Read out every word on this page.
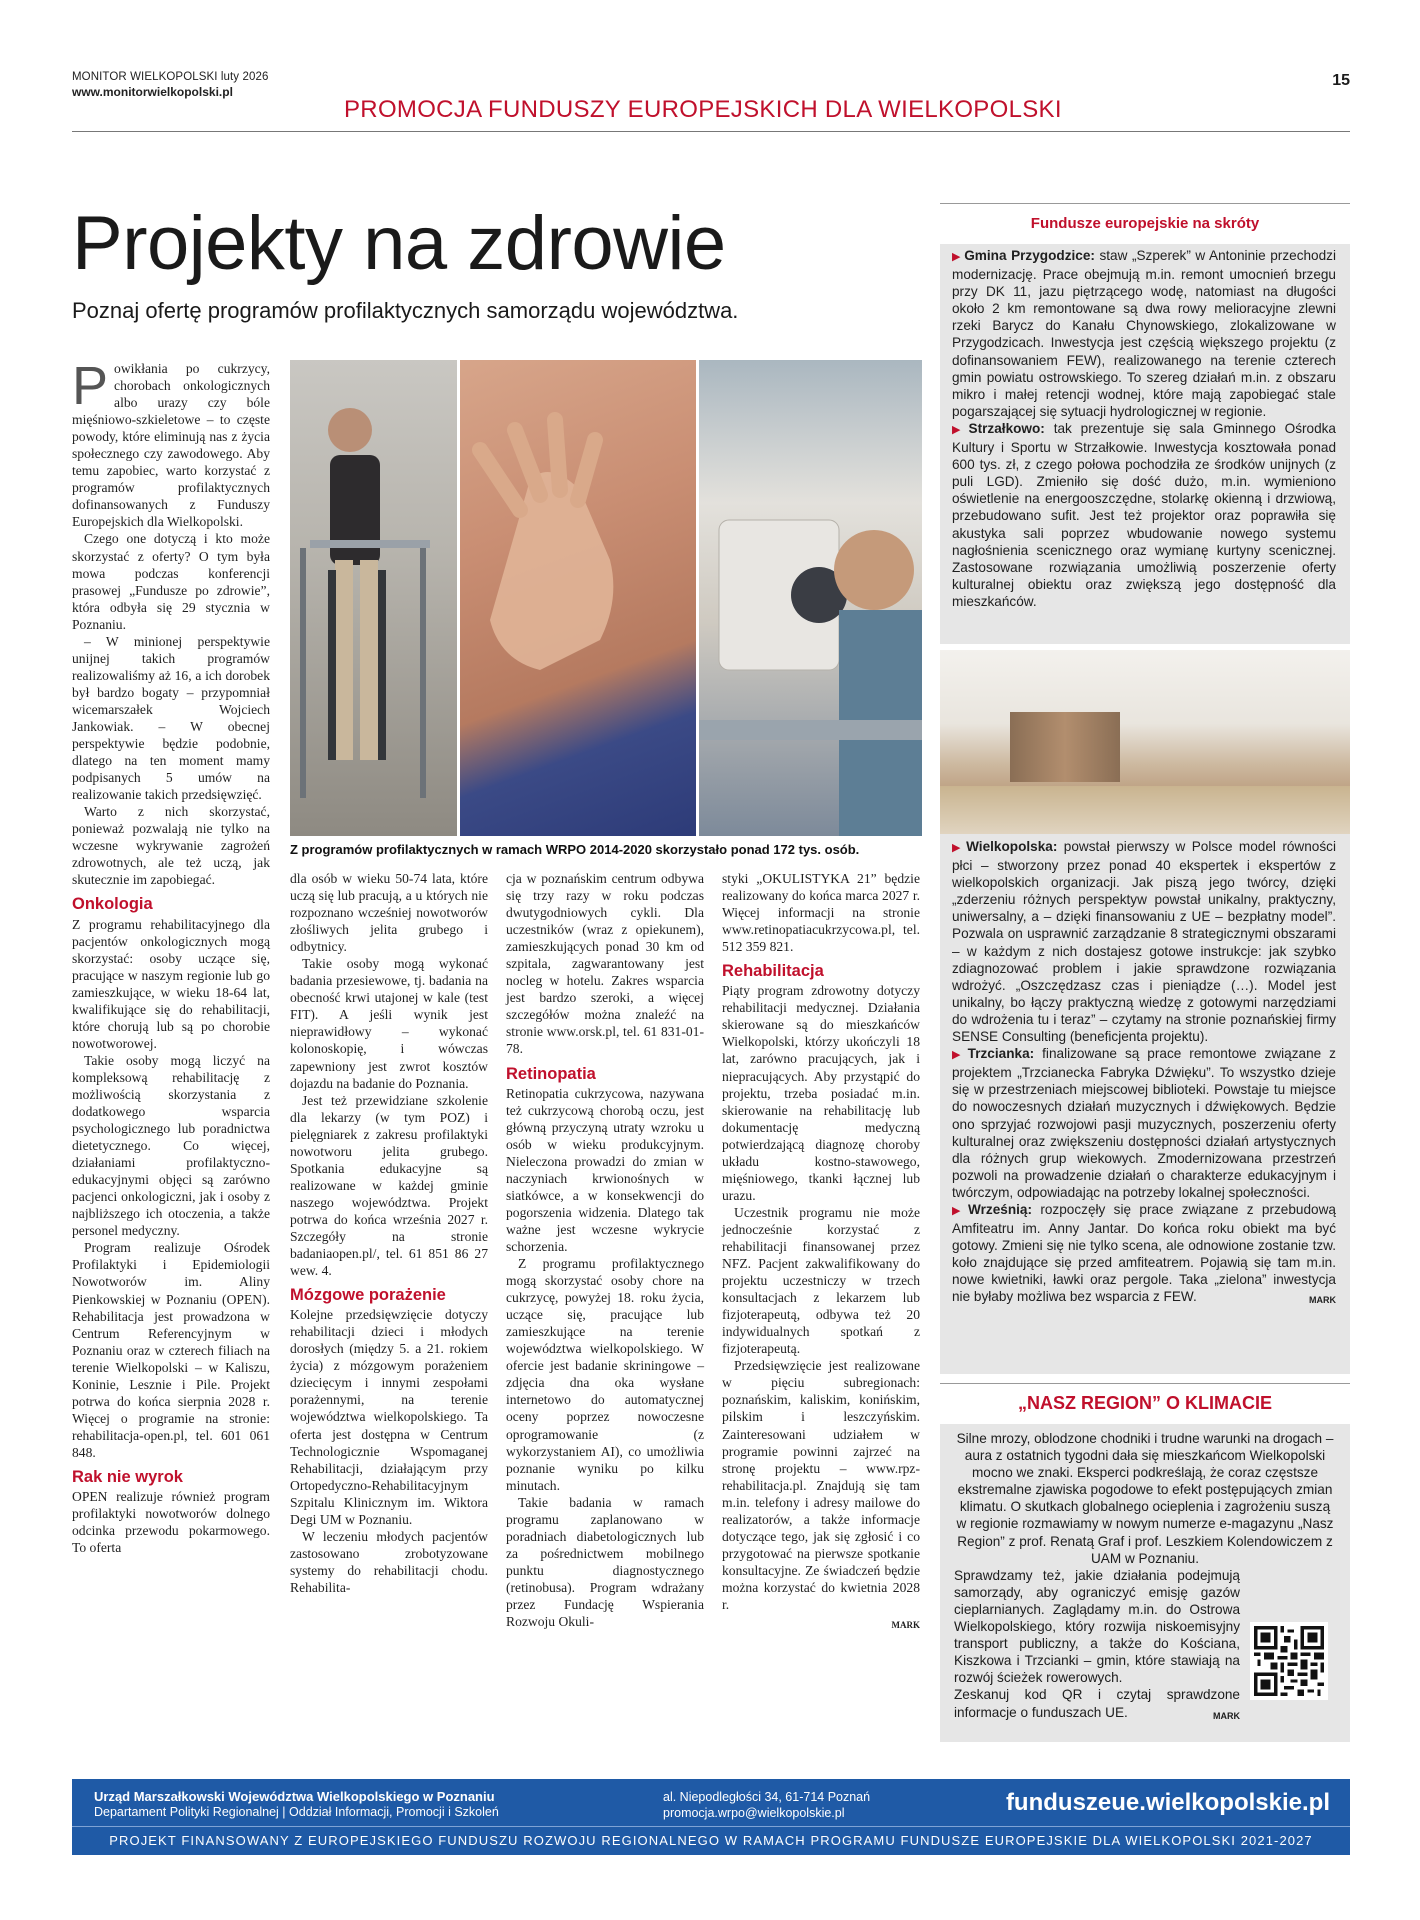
MONITOR WIELKOPOLSKI luty 2026
www.monitorwielkopolski.pl
15
PROMOCJA FUNDUSZY EUROPEJSKICH DLA WIELKOPOLSKI
Projekty na zdrowie
Poznaj ofertę programów profilaktycznych samorządu województwa.

Powikłania po cukrzycy, chorobach onkologicznych albo urazy czy bóle mięśniowo-szkieletowe – to częste powody, które eliminują nas z życia społecznego czy zawodowego. Aby temu zapobiec, warto korzystać z programów profilaktycznych dofinansowanych z Funduszy Europejskich dla Wielkopolski.

Czego one dotyczą i kto może skorzystać z oferty? O tym była mowa podczas konferencji prasowej „Fundusze po zdrowie”, która odbyła się 29 stycznia w Poznaniu.

– W minionej perspektywie unijnej takich programów realizowaliśmy aż 16, a ich dorobek był bardzo bogaty – przypomniał wicemarszałek Wojciech Jankowiak. – W obecnej perspektywie będzie podobnie, dlatego na ten moment mamy podpisanych 5 umów na realizowanie takich przedsięwzięć.

Warto z nich skorzystać, ponieważ pozwalają nie tylko na wczesne wykrywanie zagrożeń zdrowotnych, ale też uczą, jak skutecznie im zapobiegać.

Onkologia

Z programu rehabilitacyjnego dla pacjentów onkologicznych mogą skorzystać: osoby uczące się, pracujące w naszym regionie lub go zamieszkujące, w wieku 18-64 lat, kwalifikujące się do rehabilitacji, które chorują lub są po chorobie nowotworowej.

Takie osoby mogą liczyć na kompleksową rehabilitację z możliwością skorzystania z dodatkowego wsparcia psychologicznego lub poradnictwa dietetycznego. Co więcej, działaniami profilaktyczno-edukacyjnymi objęci są zarówno pacjenci onkologiczni, jak i osoby z najbliższego ich otoczenia, a także personel medyczny.

Program realizuje Ośrodek Profilaktyki i Epidemiologii Nowotworów im. Aliny Pienkowskiej w Poznaniu (OPEN). Rehabilitacja jest prowadzona w Centrum Referencyjnym w Poznaniu oraz w czterech filiach na terenie Wielkopolski – w Kaliszu, Koninie, Lesznie i Pile. Projekt potrwa do końca sierpnia 2028 r. Więcej o programie na stronie: rehabilitacja-open.pl, tel. 601 061 848.

Rak nie wyrok

OPEN realizuje również program profilaktyki nowotworów dolnego odcinka przewodu pokarmowego. To oferta

Z programów profilaktycznych w ramach WRPO 2014-2020 skorzystało ponad 172 tys. osób.

dla osób w wieku 50-74 lata, które uczą się lub pracują, a u których nie rozpoznano wcześniej nowotworów złośliwych jelita grubego i odbytnicy.

Takie osoby mogą wykonać badania przesiewowe, tj. badania na obecność krwi utajonej w kale (test FIT). A jeśli wynik jest nieprawidłowy – wykonać kolonoskopię, i wówczas zapewniony jest zwrot kosztów dojazdu na badanie do Poznania.

Jest też przewidziane szkolenie dla lekarzy (w tym POZ) i pielęgniarek z zakresu profilaktyki nowotworu jelita grubego. Spotkania edukacyjne są realizowane w każdej gminie naszego województwa. Projekt potrwa do końca września 2027 r. Szczegóły na stronie badaniaopen.pl/, tel. 61 851 86 27 wew. 4.

Mózgowe porażenie

Kolejne przedsięwzięcie dotyczy rehabilitacji dzieci i młodych dorosłych (między 5. a 21. rokiem życia) z mózgowym porażeniem dziecięcym i innymi zespołami porażennymi, na terenie województwa wielkopolskiego. Ta oferta jest dostępna w Centrum Technologicznie Wspomaganej Rehabilitacji, działającym przy Ortopedyczno-Rehabilitacyjnym Szpitalu Klinicznym im. Wiktora Degi UM w Poznaniu.

W leczeniu młodych pacjentów zastosowano zrobotyzowane systemy do rehabilitacji chodu. Rehabilita-

cja w poznańskim centrum odbywa się trzy razy w roku podczas dwutygodniowych cykli. Dla uczestników (wraz z opiekunem), zamieszkujących ponad 30 km od szpitala, zagwarantowany jest nocleg w hotelu. Zakres wsparcia jest bardzo szeroki, a więcej szczegółów można znaleźć na stronie www.orsk.pl, tel. 61 831-01-78.

Retinopatia

Retinopatia cukrzycowa, nazywana też cukrzycową chorobą oczu, jest główną przyczyną utraty wzroku u osób w wieku produkcyjnym. Nieleczona prowadzi do zmian w naczyniach krwionośnych w siatkówce, a w konsekwencji do pogorszenia widzenia. Dlatego tak ważne jest wczesne wykrycie schorzenia.

Z programu profilaktycznego mogą skorzystać osoby chore na cukrzycę, powyżej 18. roku życia, uczące się, pracujące lub zamieszkujące na terenie województwa wielkopolskiego. W ofercie jest badanie skriningowe – zdjęcia dna oka wysłane internetowo do automatycznej oceny poprzez nowoczesne oprogramowanie (z wykorzystaniem AI), co umożliwia poznanie wyniku po kilku minutach.

Takie badania w ramach programu zaplanowano w poradniach diabetologicznych lub za pośrednictwem mobilnego punktu diagnostycznego (retinobusa). Program wdrażany przez Fundację Wspierania Rozwoju Okuli-

styki „OKULISTYKA 21” będzie realizowany do końca marca 2027 r. Więcej informacji na stronie www.retinopatiacukrzycowa.pl, tel. 512 359 821.

Rehabilitacja

Piąty program zdrowotny dotyczy rehabilitacji medycznej. Działania skierowane są do mieszkańców Wielkopolski, którzy ukończyli 18 lat, zarówno pracujących, jak i niepracujących. Aby przystąpić do projektu, trzeba posiadać m.in. skierowanie na rehabilitację lub dokumentację medyczną potwierdzającą diagnozę choroby układu kostno-stawowego, mięśniowego, tkanki łącznej lub urazu.

Uczestnik programu nie może jednocześnie korzystać z rehabilitacji finansowanej przez NFZ. Pacjent zakwalifikowany do projektu uczestniczy w trzech konsultacjach z lekarzem lub fizjoterapeutą, odbywa też 20 indywidualnych spotkań z fizjoterapeutą.

Przedsięwzięcie jest realizowane w pięciu subregionach: poznańskim, kaliskim, konińskim, pilskim i leszczyńskim. Zainteresowani udziałem w programie powinni zajrzeć na stronę projektu – www.rpz-rehabilitacja.pl. Znajdują się tam m.in. telefony i adresy mailowe do realizatorów, a także informacje dotyczące tego, jak się zgłosić i co przygotować na pierwsze spotkanie konsultacyjne. Ze świadczeń będzie można korzystać do kwietnia 2028 r.

MARK

Fundusze europejskie na skróty

▶ Gmina Przygodzice: staw „Szperek” w Antoninie przechodzi modernizację. Prace obejmują m.in. remont umocnień brzegu przy DK 11, jazu piętrzącego wodę, natomiast na długości około 2 km remontowane są dwa rowy melioracyjne zlewni rzeki Barycz do Kanału Chynowskiego, zlokalizowane w Przygodzicach. Inwestycja jest częścią większego projektu (z dofinansowaniem FEW), realizowanego na terenie czterech gmin powiatu ostrowskiego. To szereg działań m.in. z obszaru mikro i małej retencji wodnej, które mają zapobiegać stale pogarszającej się sytuacji hydrologicznej w regionie.

▶ Strzałkowo: tak prezentuje się sala Gminnego Ośrodka Kultury i Sportu w Strzałkowie. Inwestycja kosztowała ponad 600 tys. zł, z czego połowa pochodziła ze środków unijnych (z puli LGD). Zmieniło się dość dużo, m.in. wymieniono oświetlenie na energooszczędne, stolarkę okienną i drzwiową, przebudowano sufit. Jest też projektor oraz poprawiła się akustyka sali poprzez wbudowanie nowego systemu nagłośnienia scenicznego oraz wymianę kurtyny scenicznej. Zastosowane rozwiązania umożliwią poszerzenie oferty kulturalnej obiektu oraz zwiększą jego dostępność dla mieszkańców.

▶ Wielkopolska: powstał pierwszy w Polsce model równości płci – stworzony przez ponad 40 ekspertek i ekspertów z wielkopolskich organizacji. Jak piszą jego twórcy, dzięki „zderzeniu różnych perspektyw powstał unikalny, praktyczny, uniwersalny, a – dzięki finansowaniu z UE – bezpłatny model”. Pozwala on usprawnić zarządzanie 8 strategicznymi obszarami – w każdym z nich dostajesz gotowe instrukcje: jak szybko zdiagnozować problem i jakie sprawdzone rozwiązania wdrożyć. „Oszczędzasz czas i pieniądze (…). Model jest unikalny, bo łączy praktyczną wiedzę z gotowymi narzędziami do wdrożenia tu i teraz” – czytamy na stronie poznańskiej firmy SENSE Consulting (beneficjenta projektu).

▶ Trzcianka: finalizowane są prace remontowe związane z projektem „Trzcianecka Fabryka Dźwięku”. To wszystko dzieje się w przestrzeniach miejscowej biblioteki. Powstaje tu miejsce do nowoczesnych działań muzycznych i dźwiękowych. Będzie ono sprzyjać rozwojowi pasji muzycznych, poszerzeniu oferty kulturalnej oraz zwiększeniu dostępności działań artystycznych dla różnych grup wiekowych. Zmodernizowana przestrzeń pozwoli na prowadzenie działań o charakterze edukacyjnym i twórczym, odpowiadając na potrzeby lokalnej społeczności.

▶ Wrześnią: rozpoczęły się prace związane z przebudową Amfiteatru im. Anny Jantar. Do końca roku obiekt ma być gotowy. Zmieni się nie tylko scena, ale odnowione zostanie tzw. koło znajdujące się przed amfiteatrem. Pojawią się tam m.in. nowe kwietniki, ławki oraz pergole. Taka „zielona” inwestycja nie byłaby możliwa bez wsparcia z FEW.	MARK

„NASZ REGION” O KLIMACIE

Silne mrozy, oblodzone chodniki i trudne warunki na drogach – aura z ostatnich tygodni dała się mieszkańcom Wielkopolski mocno we znaki. Eksperci podkreślają, że coraz częstsze ekstremalne zjawiska pogodowe to efekt postępujących zmian klimatu. O skutkach globalnego ocieplenia i zagrożeniu suszą w regionie rozmawiamy w nowym numerze e-magazynu „Nasz Region” z prof. Renatą Graf i prof. Leszkiem Kolendowiczem z UAM w Poznaniu.

Sprawdzamy też, jakie działania podejmują samorządy, aby ograniczyć emisję gazów cieplarnianych. Zaglądamy m.in. do Ostrowa Wielkopolskiego, który rozwija niskoemisyjny transport publiczny, a także do Kościana, Kiszkowa i Trzcianki – gmin, które stawiają na rozwój ścieżek rowerowych.

Zeskanuj kod QR i czytaj sprawdzone informacje o funduszach UE.	MARK

Urząd Marszałkowski Województwa Wielkopolskiego w Poznaniu
Departament Polityki Regionalnej | Oddział Informacji, Promocji i Szkoleń
al. Niepodległości 34, 61-714 Poznań
promocja.wrpo@wielkopolskie.pl	funduszeue.wielkopolskie.pl
PROJEKT FINANSOWANY Z EUROPEJSKIEGO FUNDUSZU ROZWOJU REGIONALNEGO W RAMACH PROGRAMU FUNDUSZE EUROPEJSKIE DLA WIELKOPOLSKI 2021-2027
